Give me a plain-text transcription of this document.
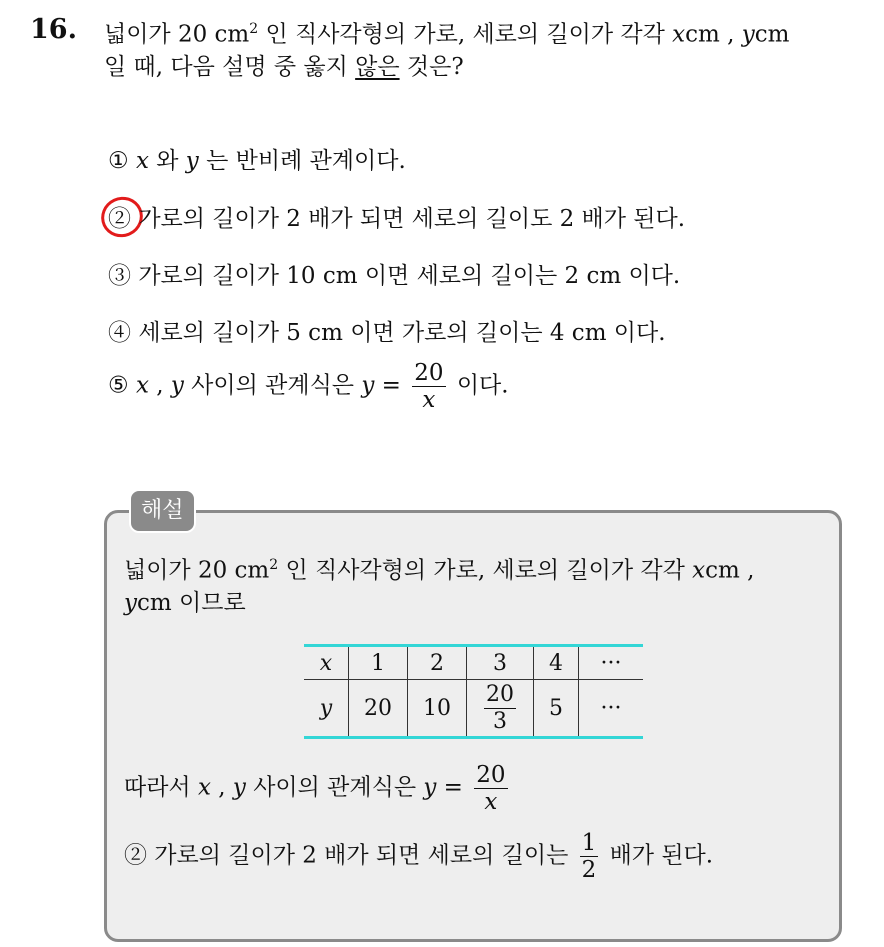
16. 넓이가 20 $cm^2$ 인 직사각형의 가로, 세로의 길이가 각각 xcm , ycm
일 때, 다음 설명 중 옳지 않은 것은?
① x 와 y 는 반비례 관계이다.
② 가로의 길이가 2 배가 되면 세로의 길이도 2 배가 된다.
③ 가로의 길이가 10 cm 이면 세로의 길이는 2 cm 이다.
④ 세로의 길이가 5 cm 이면 가로의 길이는 4 cm 이다.
⑤ x , y 사이의 관계식은 $y = \frac{20}{x}$ 이다.
해설
넓이가 20 $cm^2$ 인 직사각형의 가로, 세로의 길이가 각각 xcm ,
ycm 이므로
x	1	2	3	4	···
y	20	10	$\frac{20}{3}$	5	···
따라서 x , y 사이의 관계식은 $y = \frac{20}{x}$
② 가로의 길이가 2 배가 되면 세로의 길이는 $\frac{1}{2}$ 배가 된다.
